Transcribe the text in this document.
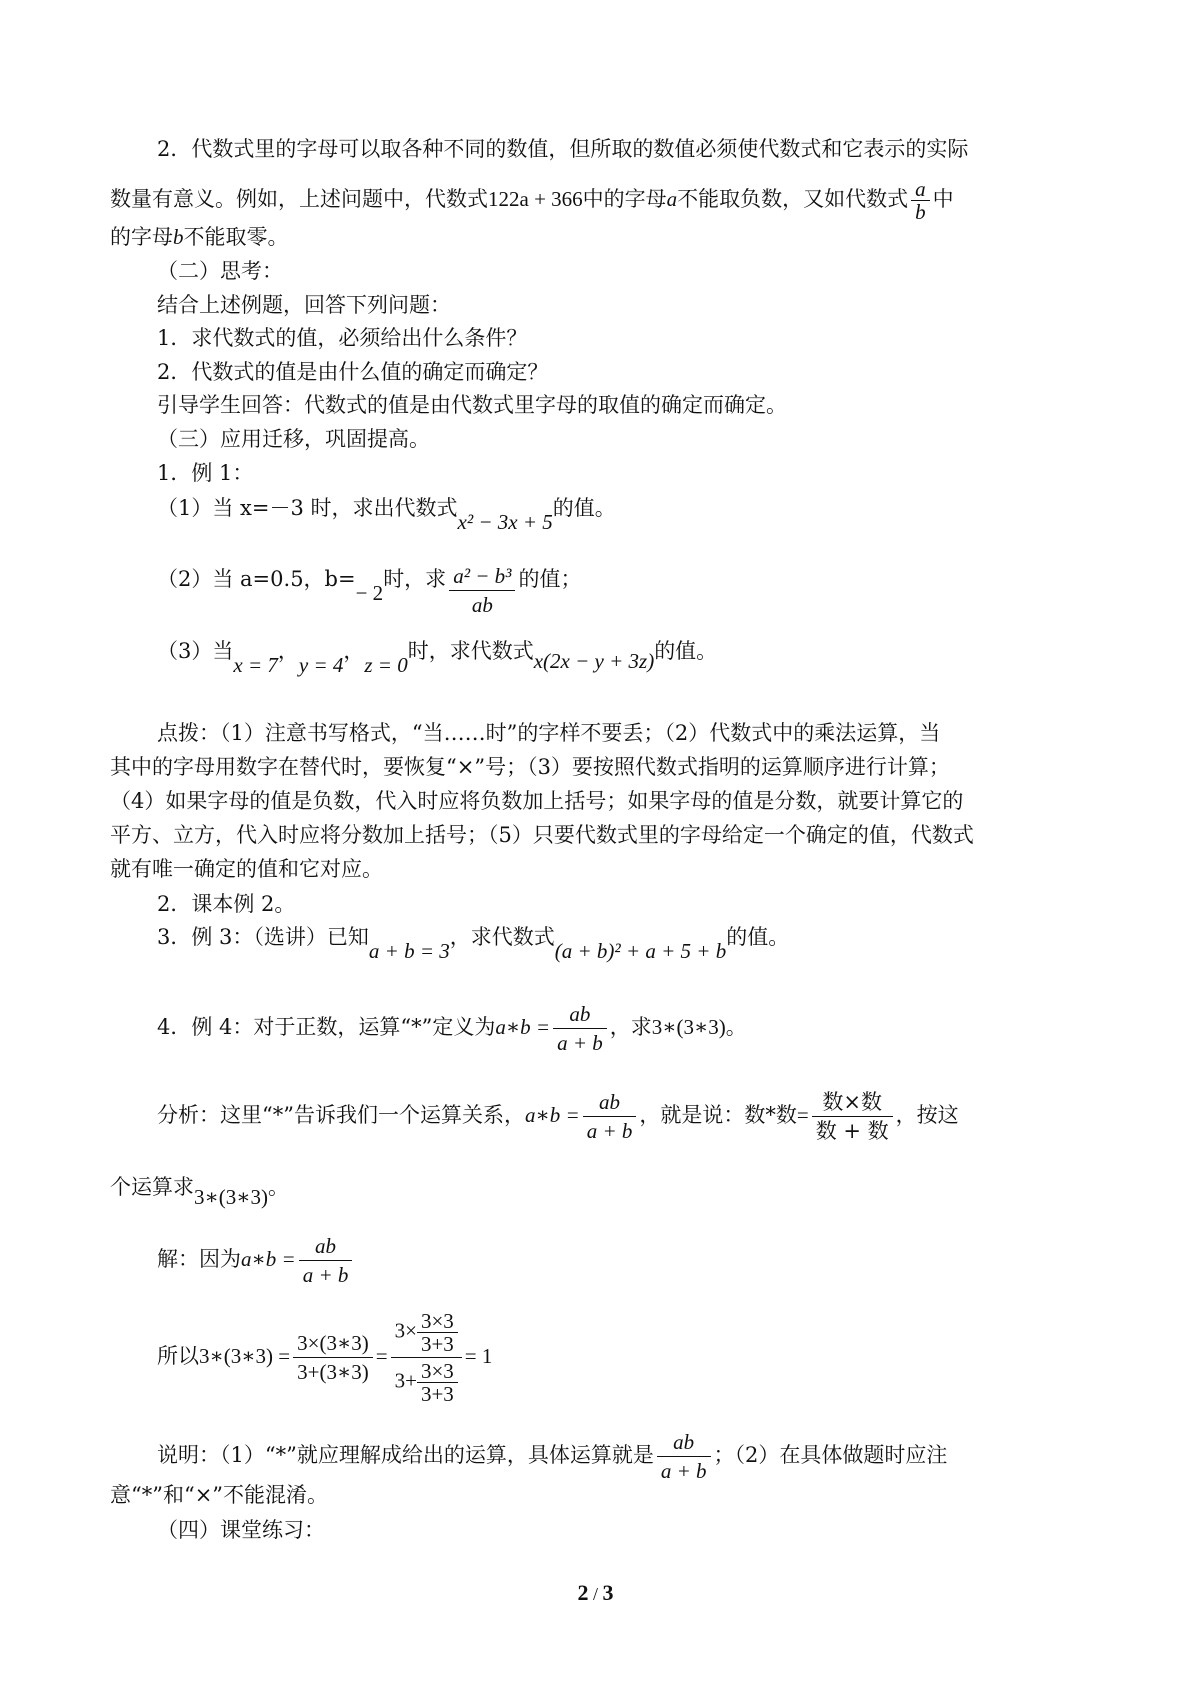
2．代数式里的字母可以取各种不同的数值，但所取的数值必须使代数式和它表示的实际
数量有意义。例如，上述问题中，代数式122a + 366中的字母a不能取负数，又如代数式 $\frac{a}{b}$ 中
的字母b不能取零。
（二）思考：
结合上述例题，回答下列问题：
1．求代数式的值，必须给出什么条件？
2．代数式的值是由什么值的确定而确定？
引导学生回答：代数式的值是由代数式里字母的取值的确定而确定。
（三）应用迁移，巩固提高。
1．例 1：
（1）当 x=－3 时，求出代数式x² − 3x + 5的值。
（2）当 a=0.5，b=− 2时，求 $\frac{\text{a² − b³}}{ab}$ 的值；
（3）当x = 7，y = 4，z = 0时，求代数式x(2x − y + 3z)的值。
点拨：（1）注意书写格式，“当……时”的字样不要丢；（2）代数式中的乘法运算，当
其中的字母用数字在替代时，要恢复“×”号；（3）要按照代数式指明的运算顺序进行计算；
（4）如果字母的值是负数，代入时应将负数加上括号；如果字母的值是分数，就要计算它的
平方、立方，代入时应将分数加上括号；（5）只要代数式里的字母给定一个确定的值，代数式
就有唯一确定的值和它对应。
2．课本例 2。
3．例 3：（选讲）已知a + b = 3，求代数式(a + b)² + a + 5 + b的值。
4．例 4：对于正数，运算“*”定义为a∗b = $\frac{ab}{a + b}$ ，求3∗(3∗3)。
分析：这里“*”告诉我们一个运算关系，a∗b = $\frac{ab}{a + b}$ ，就是说：数*数= $\frac{\text{数×数}}{\text{数 + 数}}$ ，按这
个运算求3∗(3∗3)。
解：因为a∗b = $\frac{ab}{a + b}$
所以3∗(3∗3) = $\frac{3\times(3∗3)}{3+(3∗3)} = \frac{3\times \frac{3\times 3}{3+3}}{3+ \frac{3\times 3}{3+3}} = 1$
说明：（1）“*”就应理解成给出的运算，具体运算就是 $\frac{ab}{a + b}$ ；（2）在具体做题时应注
意“*”和“×”不能混淆。
（四）课堂练习：
2 / 3
